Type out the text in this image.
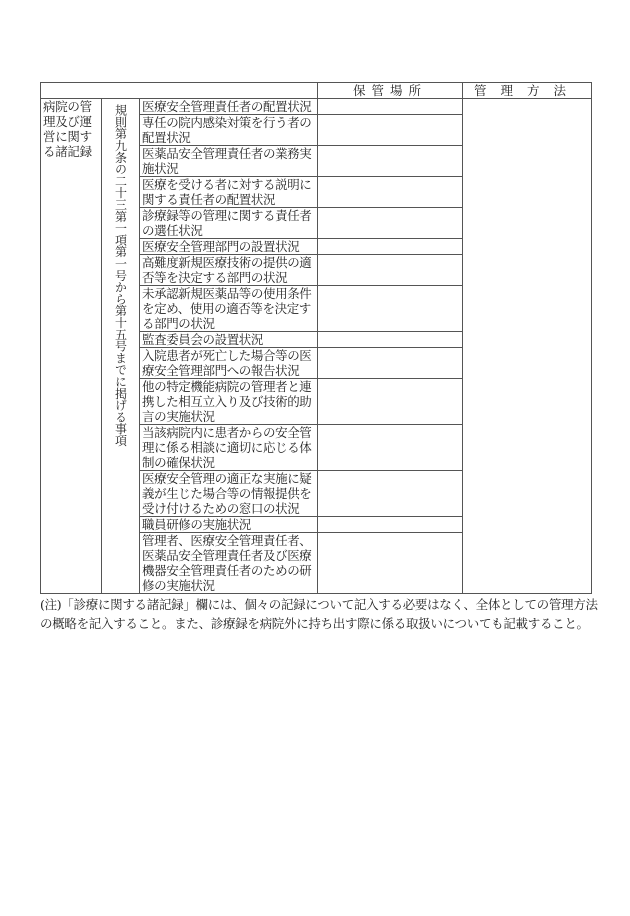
			保管場所	管理方法
病院の管
理及び運
営に関す
る諸記録	規則第九条の二十三第一項第一号から第十五号までに掲げる事項	医療安全管理責任者の配置状況		
		専任の院内感染対策を行う者の
配置状況		
		医薬品安全管理責任者の業務実
施状況		
		医療を受ける者に対する説明に
関する責任者の配置状況		
		診療録等の管理に関する責任者
の選任状況		
		医療安全管理部門の設置状況		
		高難度新規医療技術の提供の適
否等を決定する部門の状況		
		未承認新規医薬品等の使用条件
を定め、使用の適否等を決定す
る部門の状況		
		監査委員会の設置状況		
		入院患者が死亡した場合等の医
療安全管理部門への報告状況		
		他の特定機能病院の管理者と連
携した相互立入り及び技術的助
言の実施状況		
		当該病院内に患者からの安全管
理に係る相談に適切に応じる体
制の確保状況		
		医療安全管理の適正な実施に疑
義が生じた場合等の情報提供を
受け付けるための窓口の状況		
		職員研修の実施状況		
		管理者、医療安全管理責任者、
医薬品安全管理責任者及び医療
機器安全管理責任者のための研
修の実施状況		
(注)「診療に関する諸記録」欄には、個々の記録について記入する必要はなく、全体としての管理方法
の概略を記入すること。また、診療録を病院外に持ち出す際に係る取扱いについても記載すること。
